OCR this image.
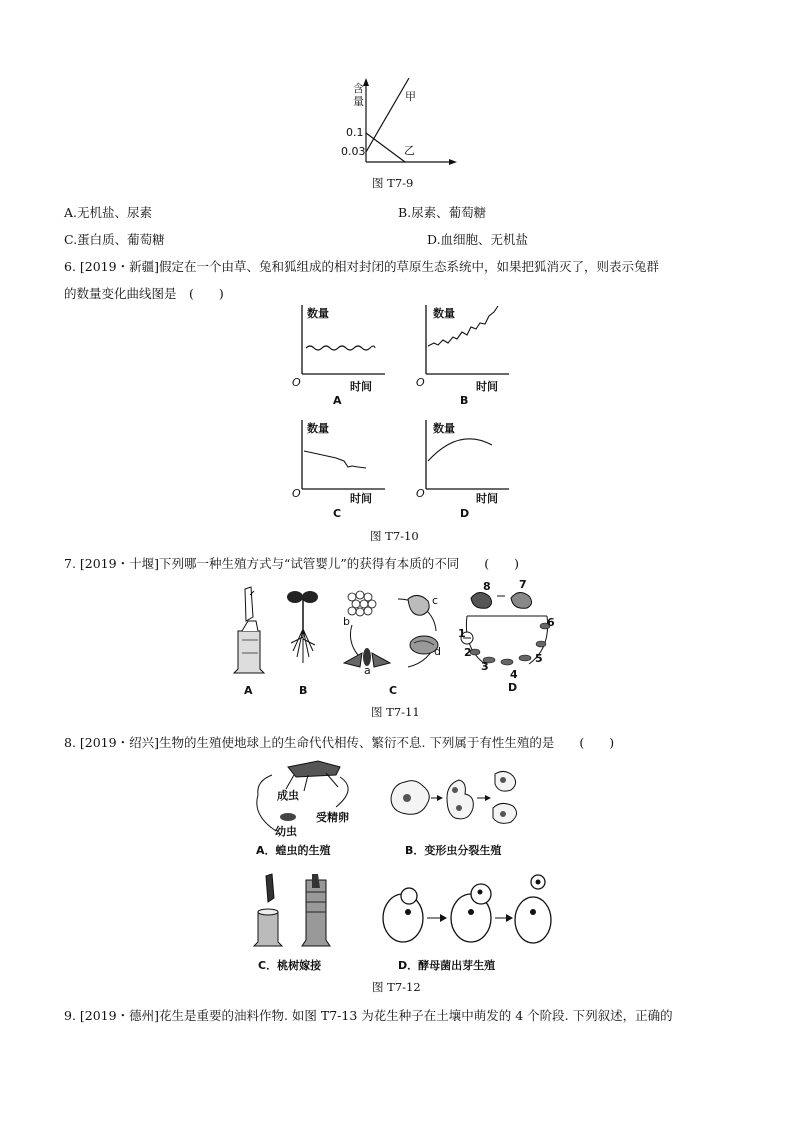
含
量	甲
乙
0.1
0.03
图 T7-9
A.无机盐、尿素	B.尿素、葡萄糖
C.蛋白质、葡萄糖	D.血细胞、无机盐
6. [2019・新疆]假定在一个由草、兔和狐组成的相对封闭的草原生态系统中，如果把狐消灭了，则表示兔群
的数量变化曲线图是　(　　)
数量
时间
O
A
数量
时间
O
B
数量
时间
O
C
数量
时间
O
D
图 T7-10
7. [2019・十堰]下列哪一种生殖方式与“试管婴儿”的获得有本质的不同　　(　　)
A	B
b
c
d
a
C
8	7
6
1
2
3
4
5
D
图 T7-11
8. [2019・绍兴]生物的生殖使地球上的生命代代相传、繁衍不息. 下列属于有性生殖的是　　(　　)
成虫
受精卵
幼虫
A．蝗虫的生殖	B．变形虫分裂生殖
C．桃树嫁接	D．酵母菌出芽生殖
图 T7-12
9. [2019・德州]花生是重要的油料作物. 如图 T7-13 为花生种子在土壤中萌发的 4 个阶段. 下列叙述，正确的
